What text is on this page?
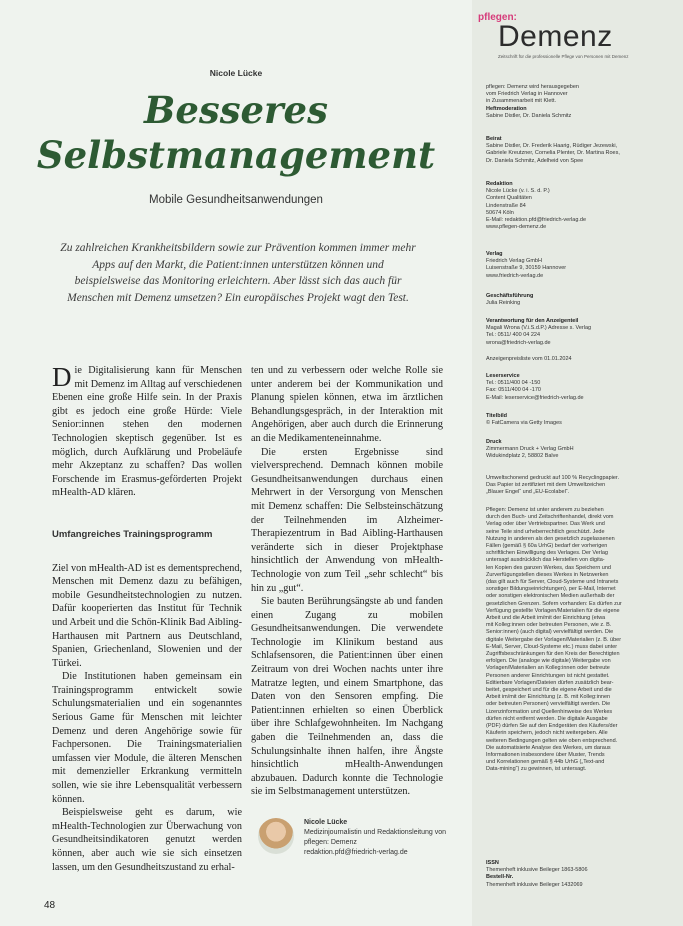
pflegen:
Demenz
Zeitschrift für die professionelle Pflege von Personen mit Demenz
pflegen: Demenz wird herausgegeben
vom Friedrich Verlag in Hannover
in Zusammenarbeit mit Klett.
Heftmoderation
Sabine Distler, Dr. Daniela Schmitz
Beirat
Sabine Distler, Dr. Frederik Haarig, Rüdiger Jezewski,
Gabriele Kreutzner, Cornelia Plenter, Dr. Martina Roes,
Dr. Daniela Schmitz, Adelheid von Spee
Redaktion
Nicole Lücke (v. i. S. d. P.)
Content Qualitäten
Lindenstraße 84
50674 Köln
E-Mail: redaktion.pfd@friedrich-verlag.de
www.pflegen-demenz.de
Verlag
Friedrich Verlag GmbH
Luisenstraße 9, 30159 Hannover
www.friedrich-verlag.de
Geschäftsführung
Julia Reinking
Verantwortung für den Anzeigenteil
Magali Wrona (V.i.S.d.P.) Adresse s. Verlag
Tel.: 0511/ 400 04 224
wrona@friedrich-verlag.de
Anzeigenpreisliste vom 01.01.2024
Leserservice
Tel.: 0511/400 04 -150
Fax: 0511/400 04 -170
E-Mail: leserservice@friedrich-verlag.de
Titelbild
© FatCamera via Getty Images
Druck
Zimmermann Druck + Verlag GmbH
Widukindplatz 2, 58802 Balve
Umweltschonend gedruckt auf 100 % Recyclingpapier.
Das Papier ist zertifiziert mit dem Umweltzeichen
„Blauer Engel“ und „EU-Ecolabel“.
Pflegen: Demenz ist unter anderem zu beziehen
durch den Buch- und Zeitschriftenhandel, direkt vom
Verlag oder über Vertriebspartner. Das Werk und
seine Teile sind urheberrechtlich geschützt. Jede
Nutzung in anderen als den gesetzlich zugelassenen
Fällen (gemäß § 60a UrhG) bedarf der vorherigen
schriftlichen Einwilligung des Verlages. Der Verlag
untersagt ausdrücklich das Herstellen von digita-
len Kopien des ganzen Werkes, das Speichern und
Zurverfügungstellen dieses Werkes in Netzwerken
(das gilt auch für Server, Cloud-Systeme und Intranets
sonstiger Bildungseinrichtungen), per E-Mail, Internet
oder sonstigen elektronischen Medien außerhalb der
gesetzlichen Grenzen. Sofern vorhanden: Es dürfen zur
Verfügung gestellte Vorlagen/Materialien für die eigene
Arbeit und die Arbeit im/mit der Einrichtung (etwa
mit Kolleg:innen oder betreuten Personen, wie z. B.
Senior:innen) (auch digital) vervielfältigt werden. Die
digitale Weitergabe der Vorlagen/Materialien (z. B. über
E-Mail, Server, Cloud-Systeme etc.) muss dabei unter
Zugriffsbeschränkungen für den Kreis der Berechtigten
erfolgen. Die (analoge wie digitale) Weitergabe von
Vorlagen/Materialien an Kolleg:innen oder betreute
Personen anderer Einrichtungen ist nicht gestattet.
Editierbare Vorlagen/Dateien dürfen zusätzlich bear-
beitet, gespeichert und für die eigene Arbeit und die
Arbeit im/mit der Einrichtung (z. B. mit Kolleg:innen
oder betreuten Personen) vervielfältigt werden. Die
Lizenzinformation und Quellenhinweise des Werkes
dürfen nicht entfernt werden. Die digitale Ausgabe
(PDF) dürfen Sie auf den Endgeräten des Käufers/der
Käuferin speichern, jedoch nicht weitergeben. Alle
weiteren Bedingungen gelten wie oben entsprechend.
Die automatisierte Analyse des Werkes, um daraus
Informationen insbesondere über Muster, Trends
und Korrelationen gemäß § 44b UrhG („Text-and
Data-mining“) zu gewinnen, ist untersagt.
ISSN
Themenheft inklusive Beileger 1863-5806
Bestell-Nr.
Themenheft inklusive Beileger 1432069
Nicole Lücke
Besseres
Selbstmanagement
Mobile Gesundheitsanwendungen
Zu zahlreichen Krankheitsbildern sowie zur Prävention kommen immer mehr Apps auf den Markt, die Patient:innen unterstützen können und beispielsweise das Monitoring erleichtern. Aber lässt sich das auch für Menschen mit Demenz umsetzen? Ein europäisches Projekt wagt den Test.

Die Digitalisierung kann für Menschen mit Demenz im Alltag auf verschiedenen Ebenen eine große Hilfe sein. In der Praxis gibt es jedoch eine große Hürde: Viele Senior:innen stehen den modernen Technologien skeptisch gegenüber. Ist es möglich, durch Aufklärung und Probeläufe mehr Akzeptanz zu schaffen? Das wollen Forschende im Erasmus-geförderten Projekt mHealth-AD klären.

Umfangreiches Trainingsprogramm

Ziel von mHealth-AD ist es dementsprechend, Menschen mit Demenz dazu zu befähigen, mobile Gesundheitstechnologien zu nutzen. Dafür kooperierten das Institut für Technik und Arbeit und die Schön-Klinik Bad Aibling-Harthausen mit Partnern aus Deutschland, Spanien, Griechenland, Slowenien und der Türkei.

Die Institutionen haben gemeinsam ein Trainingsprogramm entwickelt sowie Schulungsmaterialien und ein sogenanntes Serious Game für Menschen mit leichter Demenz und deren Angehörige sowie für Fachpersonen. Die Trainingsmaterialien umfassen vier Module, die älteren Menschen mit demenzieller Erkrankung vermitteln sollen, wie sie ihre Lebensqualität verbessern können.

Beispielsweise geht es darum, wie mHealth-Technologien zur Überwachung von Gesundheitsindikatoren genutzt werden können, aber auch wie sie sich einsetzen lassen, um den Gesundheitszustand zu erhal-

ten und zu verbessern oder welche Rolle sie unter anderem bei der Kommunikation und Planung spielen können, etwa im ärztlichen Behandlungsgespräch, in der Interaktion mit Angehörigen, aber auch durch die Erinnerung an die Medikamenteneinnahme.

Die ersten Ergebnisse sind vielversprechend. Demnach können mobile Gesundheitsanwendungen durchaus einen Mehrwert in der Versorgung von Menschen mit Demenz schaffen: Die Selbsteinschätzung der Teilnehmenden im Alzheimer-Therapiezentrum in Bad Aibling-Harthausen veränderte sich in dieser Projektphase hinsichtlich der Anwendung von mHealth-Technologie von zum Teil „sehr schlecht“ bis hin zu „gut“.

Sie bauten Berührungsängste ab und fanden einen Zugang zu mobilen Gesundheitsanwendungen. Die verwendete Technologie im Klinikum bestand aus Schlafsensoren, die Patient:innen über einen Zeitraum von drei Wochen nachts unter ihre Matratze legten, und einem Smartphone, das Daten von den Sensoren empfing. Die Patient:innen erhielten so einen Überblick über ihre Schlafgewohnheiten. Im Nachgang gaben die Teilnehmenden an, dass die Schulungsinhalte ihnen halfen, ihre Ängste hinsichtlich mHealth-Anwendungen abzubauen. Dadurch konnte die Technologie sie im Selbstmanagement unterstützen.

Nicole Lücke
Medizinjournalistin und Redaktionsleitung von pflegen: Demenz
redaktion.pfd@friedrich-verlag.de
48
